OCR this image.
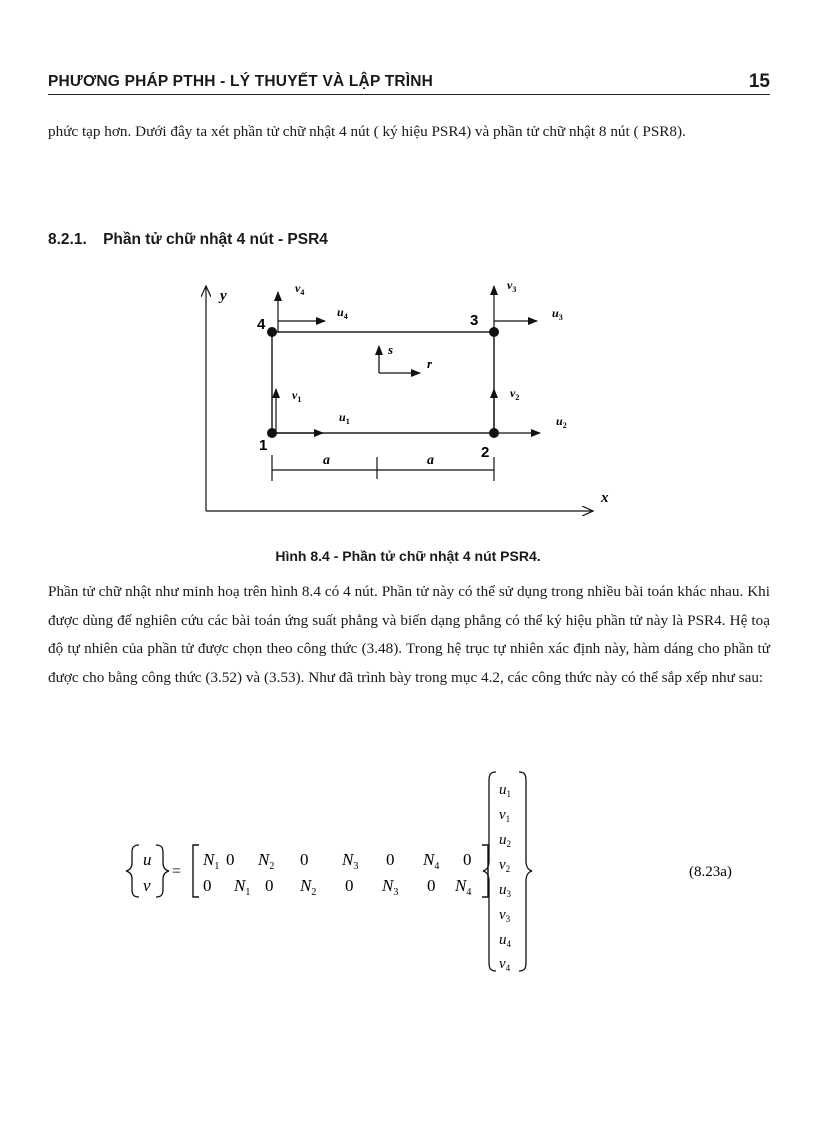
PHƯƠNG PHÁP PTHH - LÝ THUYẾT VÀ LẬP TRÌNH	15
phức tạp hơn. Dưới đây ta xét phần tử chữ nhật 4 nút ( ký hiệu PSR4) và phần tử chữ nhật 8 nút ( PSR8).
8.2.1. Phần tử chữ nhật 4 nút - PSR4
y
x
s
r
1
$v_1$
$u_1$
2
$v_2$
$u_2$
3
$v_3$
$u_3$
4
$v_4$
$u_4$
a	a
Hình 8.4 - Phần tử chữ nhật 4 nút PSR4.
Phần tử chữ nhật như minh hoạ trên hình 8.4 có 4 nút. Phần tử này có thể sử dụng trong nhiều bài toán khác nhau. Khi được dùng để nghiên cứu các bài toán ứng suất phẳng và biến dạng phẳng có thể ký hiệu phần tử này là PSR4. Hệ toạ độ tự nhiên của phần tử được chọn theo công thức (3.48). Trong hệ trục tự nhiên xác định này, hàm dáng cho phần tử được cho bằng công thức (3.52) và (3.53). Như đã trình bày trong mục 4.2, các công thức này có thể sắp xếp như sau:
u
v
=
$N_1$ 0 $N_2$ 0 $N_3$ 0 $N_4$ 0
0 $N_1$ 0 $N_2$ 0 $N_3$ 0 $N_4$
$u_1$
$v_1$
$u_2$
$v_2$
$u_3$
$v_3$
$u_4$
$v_4$
(8.23a)
